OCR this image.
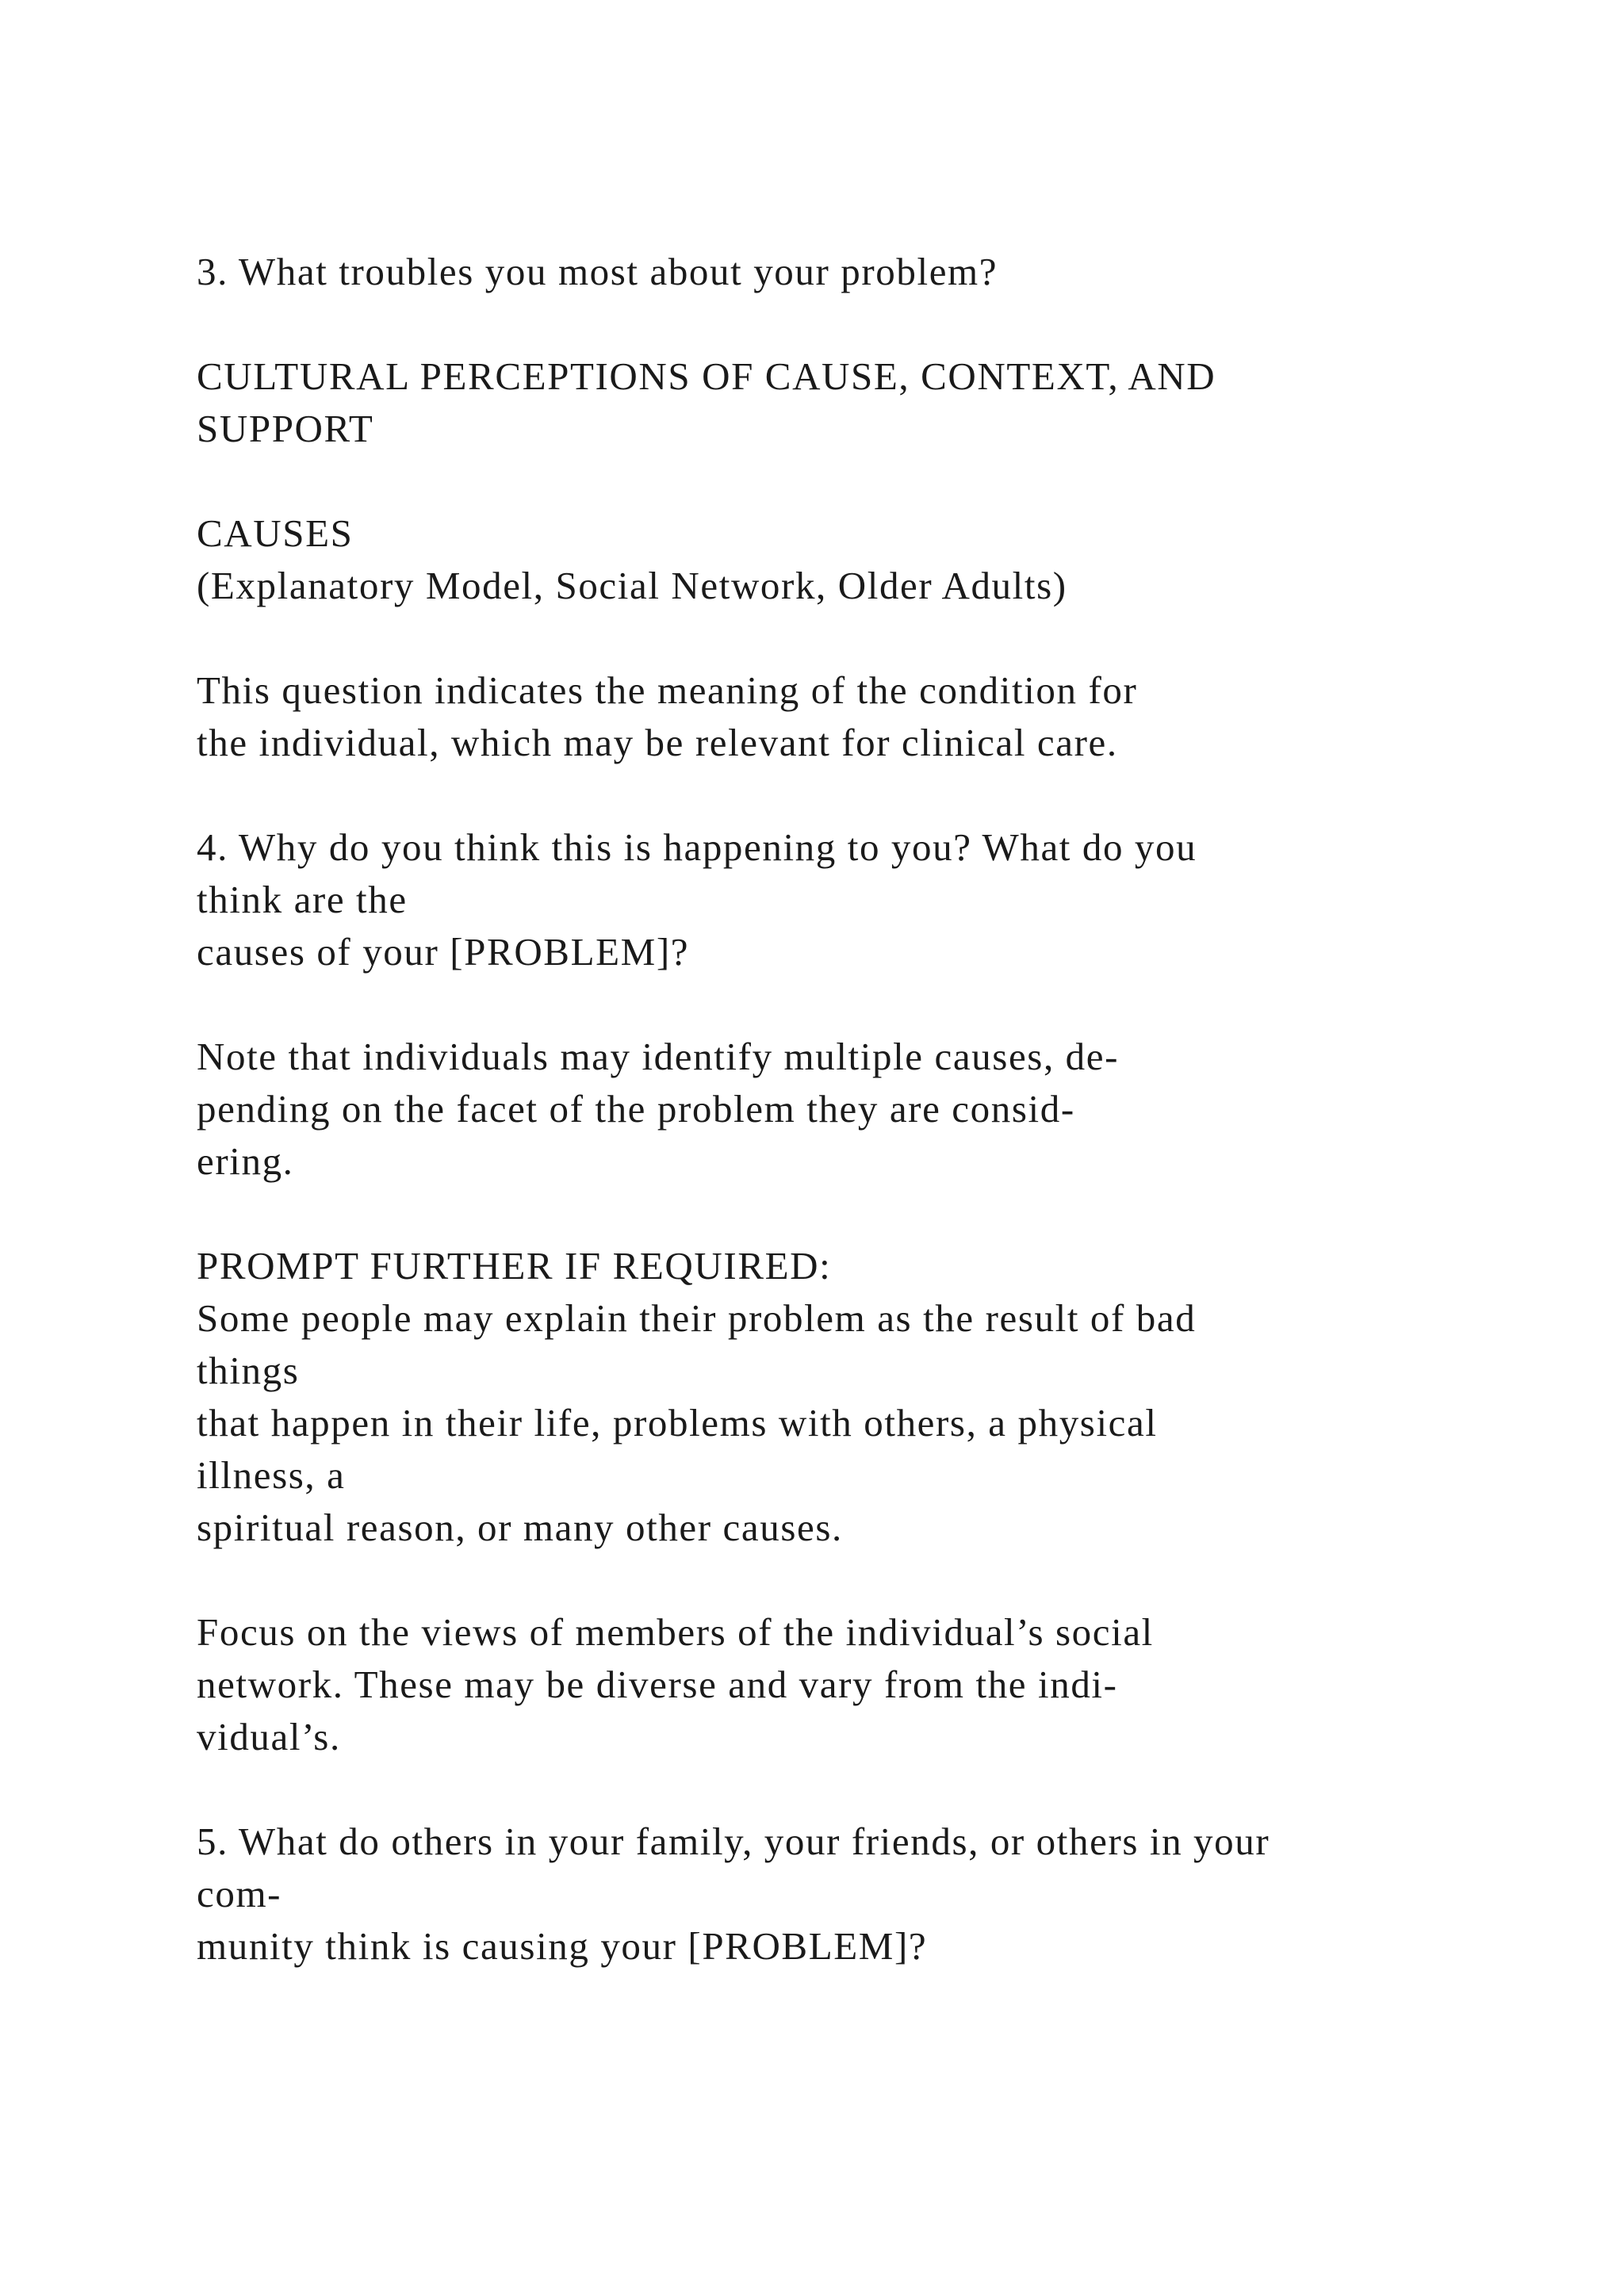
3. What troubles you most about your problem?
CULTURAL PERCEPTIONS OF CAUSE, CONTEXT, AND
SUPPORT
CAUSES
(Explanatory Model, Social Network, Older Adults)
This question indicates the meaning of the condition for
the individual, which may be relevant for clinical care.
4. Why do you think this is happening to you? What do you
think are the
causes of your [PROBLEM]?
Note that individuals may identify multiple causes, de-
pending on the facet of the problem they are consid-
ering.
PROMPT FURTHER IF REQUIRED:
Some people may explain their problem as the result of bad
things
that happen in their life, problems with others, a physical
illness, a
spiritual reason, or many other causes.
Focus on the views of members of the individual’s social
network. These may be diverse and vary from the indi-
vidual’s.
5. What do others in your family, your friends, or others in your
com-
munity think is causing your [PROBLEM]?
